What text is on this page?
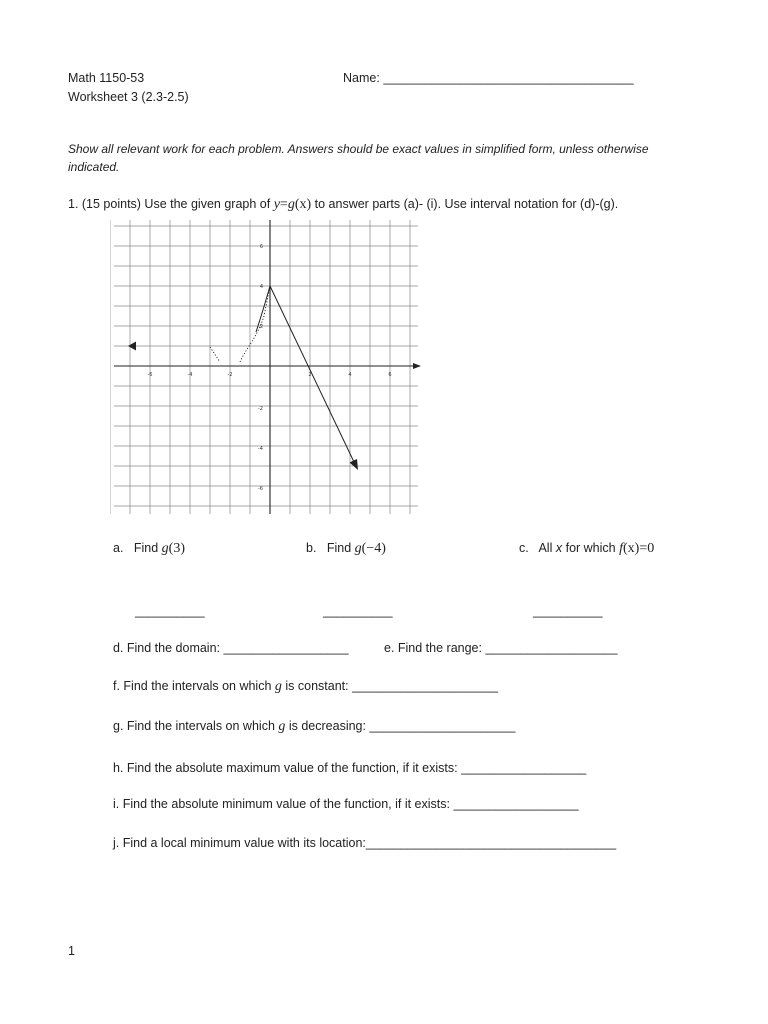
Math 1150-53
Worksheet 3 (2.3-2.5)
Name: ____________________________________
Show all relevant work for each problem. Answers should be exact values in simplified form, unless otherwise
indicated.
1. (15 points) Use the given graph of y=g(x) to answer parts (a)- (i). Use interval notation for (d)-(g).
-6	-4	-2	2	4	6
6
4
2
-2
-4
-6
a. Find g(3)	b. Find g(−4)	c. All x for which f(x)=0
__________	__________	__________
d. Find the domain: __________________	e. Find the range: ___________________
f. Find the intervals on which g is constant: _____________________
g. Find the intervals on which g is decreasing: _____________________
h. Find the absolute maximum value of the function, if it exists: __________________
i. Find the absolute minimum value of the function, if it exists: __________________
j. Find a local minimum value with its location:____________________________________
1
